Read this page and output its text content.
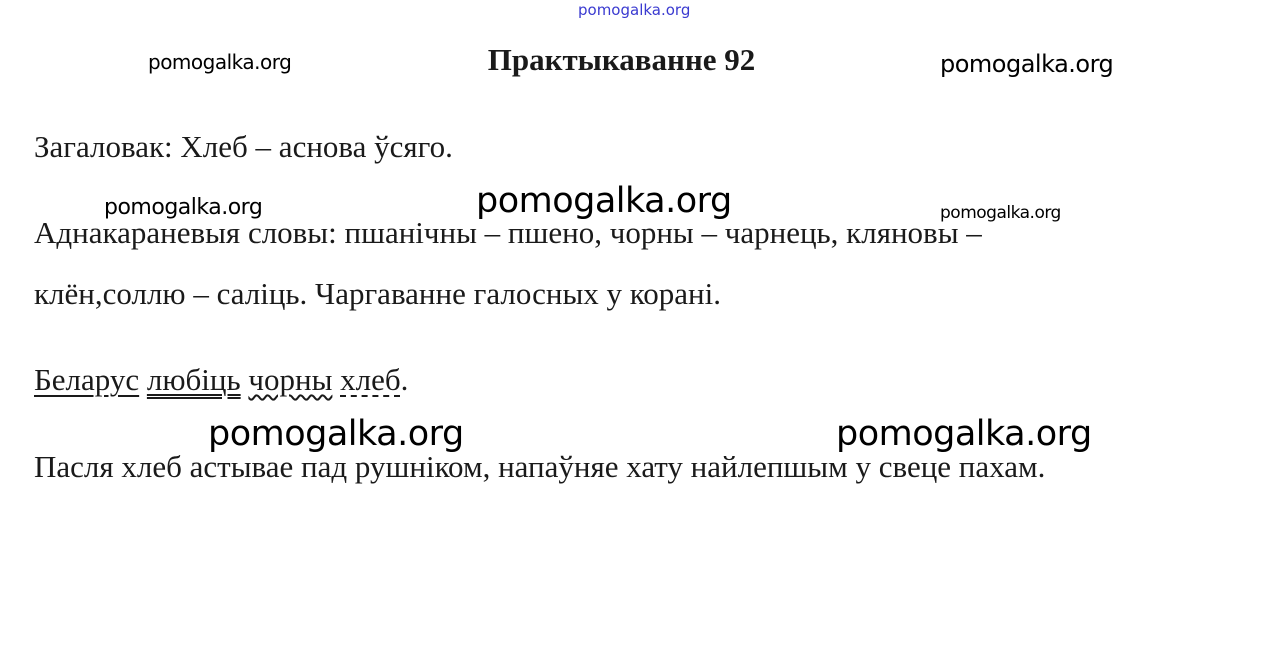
pomogalka.org
pomogalka.org	Практыкаванне 92	pomogalka.org
Загаловак: Хлеб – аснова ўсяго.
Аднакараневыя словы: пшанічны – пшено, чорны – чарнець, кляновы –
клён,соллю – саліць. Чаргаванне галосных у корані.
Беларус любіць чорны хлеб.
Пасля хлеб астывае пад рушніком, напаўняе хату найлепшым у свеце пахам.
pomogalka.org	pomogalka.org	pomogalka.org
pomogalka.org	pomogalka.org
